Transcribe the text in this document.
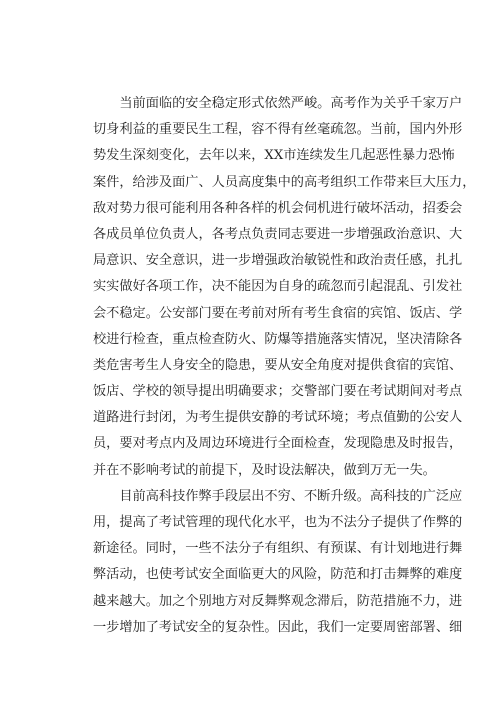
　　当前面临的安全稳定形式依然严峻。高考作为关乎千家万户
切身利益的重要民生工程，容不得有丝毫疏忽。当前，国内外形
势发生深刻变化，去年以来，XX市连续发生几起恶性暴力恐怖
案件，给涉及面广、人员高度集中的高考组织工作带来巨大压力，
敌对势力很可能利用各种各样的机会伺机进行破坏活动，招委会
各成员单位负责人，各考点负责同志要进一步增强政治意识、大
局意识、安全意识，进一步增强政治敏锐性和政治责任感，扎扎
实实做好各项工作，决不能因为自身的疏忽而引起混乱、引发社
会不稳定。公安部门要在考前对所有考生食宿的宾馆、饭店、学
校进行检查，重点检查防火、防爆等措施落实情况，坚决清除各
类危害考生人身安全的隐患，要从安全角度对提供食宿的宾馆、
饭店、学校的领导提出明确要求；交警部门要在考试期间对考点
道路进行封闭，为考生提供安静的考试环境；考点值勤的公安人
员，要对考点内及周边环境进行全面检查，发现隐患及时报告，
并在不影响考试的前提下，及时设法解决，做到万无一失。
　　目前高科技作弊手段层出不穷、不断升级。高科技的广泛应
用，提高了考试管理的现代化水平，也为不法分子提供了作弊的
新途径。同时，一些不法分子有组织、有预谋、有计划地进行舞
弊活动，也使考试安全面临更大的风险，防范和打击舞弊的难度
越来越大。加之个别地方对反舞弊观念滞后，防范措施不力，进
一步增加了考试安全的复杂性。因此，我们一定要周密部署、细
